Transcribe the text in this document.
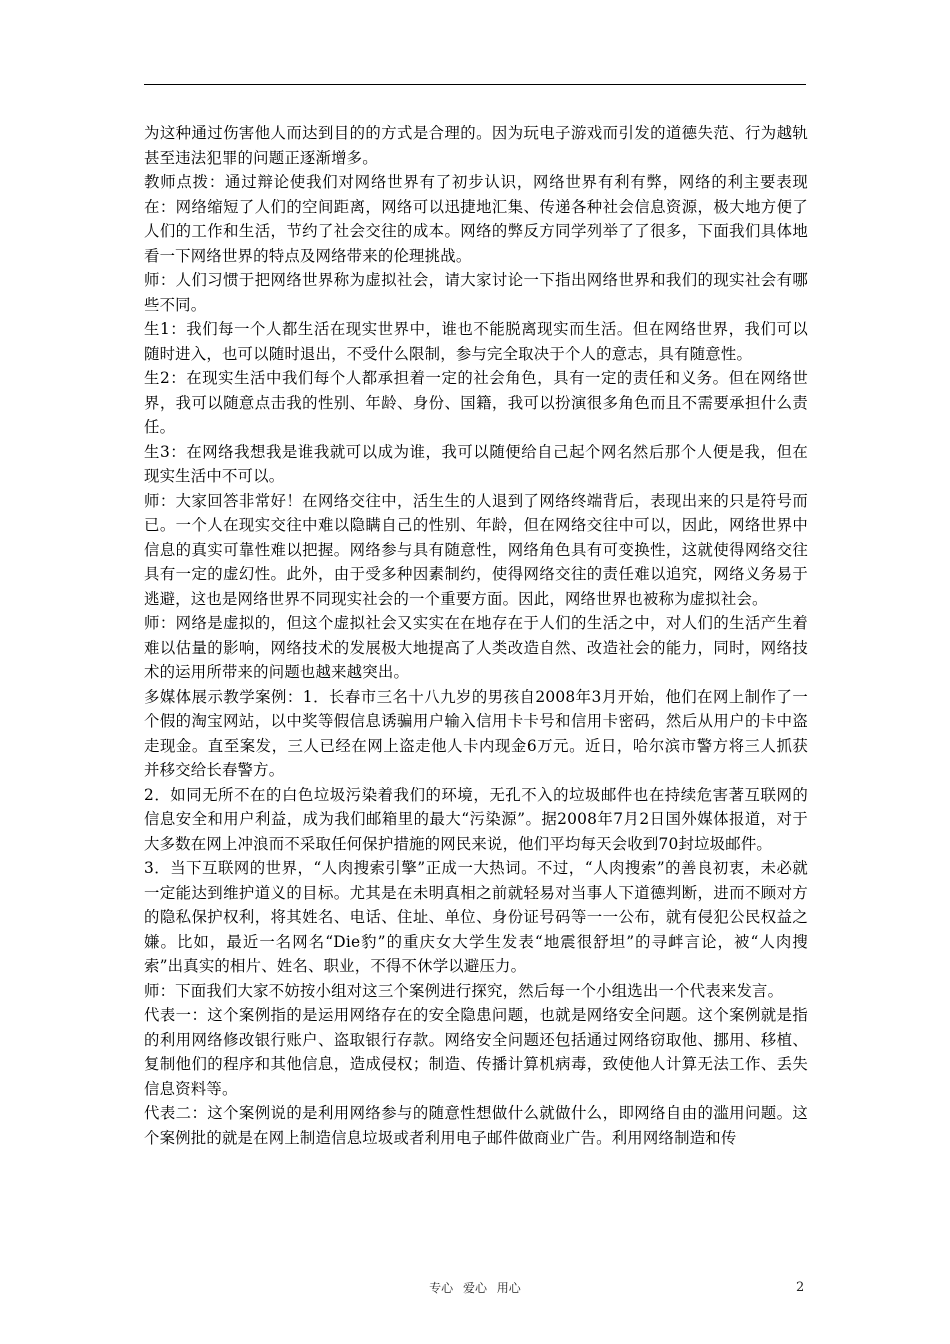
为这种通过伤害他人而达到目的的方式是合理的。因为玩电子游戏而引发的道德失范、行为越轨甚至违法犯罪的问题正逐渐增多。

教师点拨：通过辩论使我们对网络世界有了初步认识，网络世界有利有弊，网络的利主要表现在：网络缩短了人们的空间距离，网络可以迅捷地汇集、传递各种社会信息资源，极大地方便了人们的工作和生活，节约了社会交往的成本。网络的弊反方同学列举了了很多，下面我们具体地看一下网络世界的特点及网络带来的伦理挑战。

师：人们习惯于把网络世界称为虚拟社会，请大家讨论一下指出网络世界和我们的现实社会有哪些不同。

生1：我们每一个人都生活在现实世界中，谁也不能脱离现实而生活。但在网络世界，我们可以随时进入，也可以随时退出，不受什么限制，参与完全取决于个人的意志，具有随意性。

生2：在现实生活中我们每个人都承担着一定的社会角色，具有一定的责任和义务。但在网络世界，我可以随意点击我的性别、年龄、身份、国籍，我可以扮演很多角色而且不需要承担什么责任。

生3：在网络我想我是谁我就可以成为谁，我可以随便给自己起个网名然后那个人便是我，但在现实生活中不可以。

师：大家回答非常好！在网络交往中，活生生的人退到了网络终端背后，表现出来的只是符号而已。一个人在现实交往中难以隐瞒自己的性别、年龄，但在网络交往中可以，因此，网络世界中信息的真实可靠性难以把握。网络参与具有随意性，网络角色具有可变换性，这就使得网络交往具有一定的虚幻性。此外，由于受多种因素制约，使得网络交往的责任难以追究，网络义务易于逃避，这也是网络世界不同现实社会的一个重要方面。因此，网络世界也被称为虚拟社会。

师：网络是虚拟的，但这个虚拟社会又实实在在地存在于人们的生活之中，对人们的生活产生着难以估量的影响，网络技术的发展极大地提高了人类改造自然、改造社会的能力，同时，网络技术的运用所带来的问题也越来越突出。

多媒体展示教学案例：1．长春市三名十八九岁的男孩自2008年3月开始，他们在网上制作了一个假的淘宝网站，以中奖等假信息诱骗用户输入信用卡卡号和信用卡密码，然后从用户的卡中盗走现金。直至案发，三人已经在网上盗走他人卡内现金6万元。近日，哈尔滨市警方将三人抓获并移交给长春警方。

2．如同无所不在的白色垃圾污染着我们的环境，无孔不入的垃圾邮件也在持续危害著互联网的信息安全和用户利益，成为我们邮箱里的最大“污染源”。据2008年7月2日国外媒体报道，对于大多数在网上冲浪而不采取任何保护措施的网民来说，他们平均每天会收到70封垃圾邮件。

3．当下互联网的世界，“人肉搜索引擎”正成一大热词。不过，“人肉搜索”的善良初衷，未必就一定能达到维护道义的目标。尤其是在未明真相之前就轻易对当事人下道德判断，进而不顾对方的隐私保护权利，将其姓名、电话、住址、单位、身份证号码等一一公布，就有侵犯公民权益之嫌。比如，最近一名网名“Die豹”的重庆女大学生发表“地震很舒坦”的寻衅言论，被“人肉搜索”出真实的相片、姓名、职业，不得不休学以避压力。

师：下面我们大家不妨按小组对这三个案例进行探究，然后每一个小组选出一个代表来发言。

代表一：这个案例指的是运用网络存在的安全隐患问题，也就是网络安全问题。这个案例就是指的利用网络修改银行账户、盗取银行存款。网络安全问题还包括通过网络窃取他、挪用、移植、复制他们的程序和其他信息，造成侵权；制造、传播计算机病毒，致使他人计算无法工作、丢失信息资料等。

代表二：这个案例说的是利用网络参与的随意性想做什么就做什么，即网络自由的滥用问题。这个案例批的就是在网上制造信息垃圾或者利用电子邮件做商业广告。利用网络制造和传

专心 爱心 用心	2
